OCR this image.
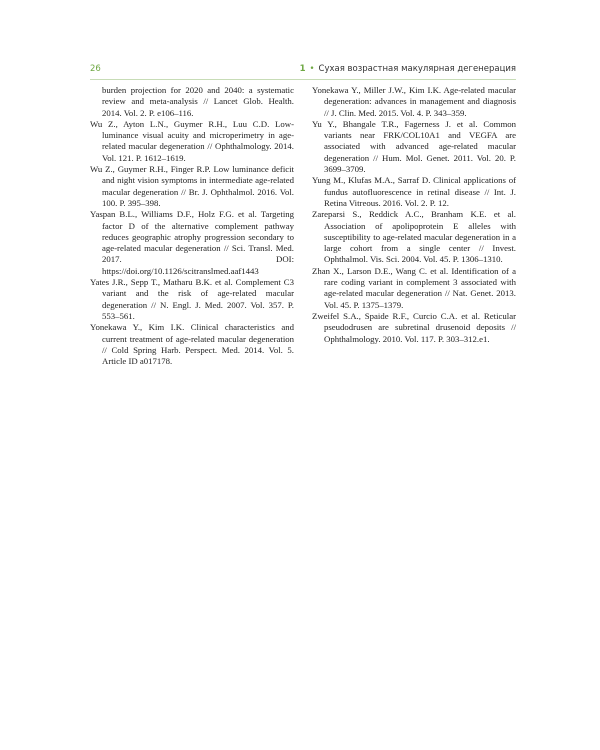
26	1 • Сухая возрастная макулярная дегенерация

burden projection for 2020 and 2040: a systematic review and meta-analysis // Lancet Glob. Health. 2014. Vol. 2. P. e106–116.

Wu Z., Ayton L.N., Guymer R.H., Luu C.D. Low-luminance visual acuity and microperimetry in age-related macular degeneration // Ophthalmology. 2014. Vol. 121. P. 1612–1619.

Wu Z., Guymer R.H., Finger R.P. Low luminance deficit and night vision symptoms in intermediate age-related macular degeneration // Br. J. Ophthalmol. 2016. Vol. 100. P. 395–398.

Yaspan B.L., Williams D.F., Holz F.G. et al. Targeting factor D of the alternative complement pathway reduces geographic atrophy progression secondary to age-related macular degeneration // Sci. Transl. Med. 2017. DOI: https://doi.org/10.1126/scitranslmed.aaf1443

Yates J.R., Sepp T., Matharu B.K. et al. Complement C3 variant and the risk of age-related macular degeneration // N. Engl. J. Med. 2007. Vol. 357. P. 553–561.

Yonekawa Y., Kim I.K. Clinical characteristics and current treatment of age-related macular degeneration // Cold Spring Harb. Perspect. Med. 2014. Vol. 5. Article ID a017178.

Yonekawa Y., Miller J.W., Kim I.K. Age-related macular degeneration: advances in management and diagnosis // J. Clin. Med. 2015. Vol. 4. P. 343–359.

Yu Y., Bhangale T.R., Fagerness J. et al. Common variants near FRK/COL10A1 and VEGFA are associated with advanced age-related macular degeneration // Hum. Mol. Genet. 2011. Vol. 20. P. 3699–3709.

Yung M., Klufas M.A., Sarraf D. Clinical applications of fundus autofluorescence in retinal disease // Int. J. Retina Vitreous. 2016. Vol. 2. P. 12.

Zareparsi S., Reddick A.C., Branham K.E. et al. Association of apolipoprotein E alleles with susceptibility to age-related macular degeneration in a large cohort from a single center // Invest. Ophthalmol. Vis. Sci. 2004. Vol. 45. P. 1306–1310.

Zhan X., Larson D.E., Wang C. et al. Identification of a rare coding variant in complement 3 associated with age-related macular degeneration // Nat. Genet. 2013. Vol. 45. P. 1375–1379.

Zweifel S.A., Spaide R.F., Curcio C.A. et al. Reticular pseudodrusen are subretinal drusenoid deposits // Ophthalmology. 2010. Vol. 117. P. 303–312.e1.
